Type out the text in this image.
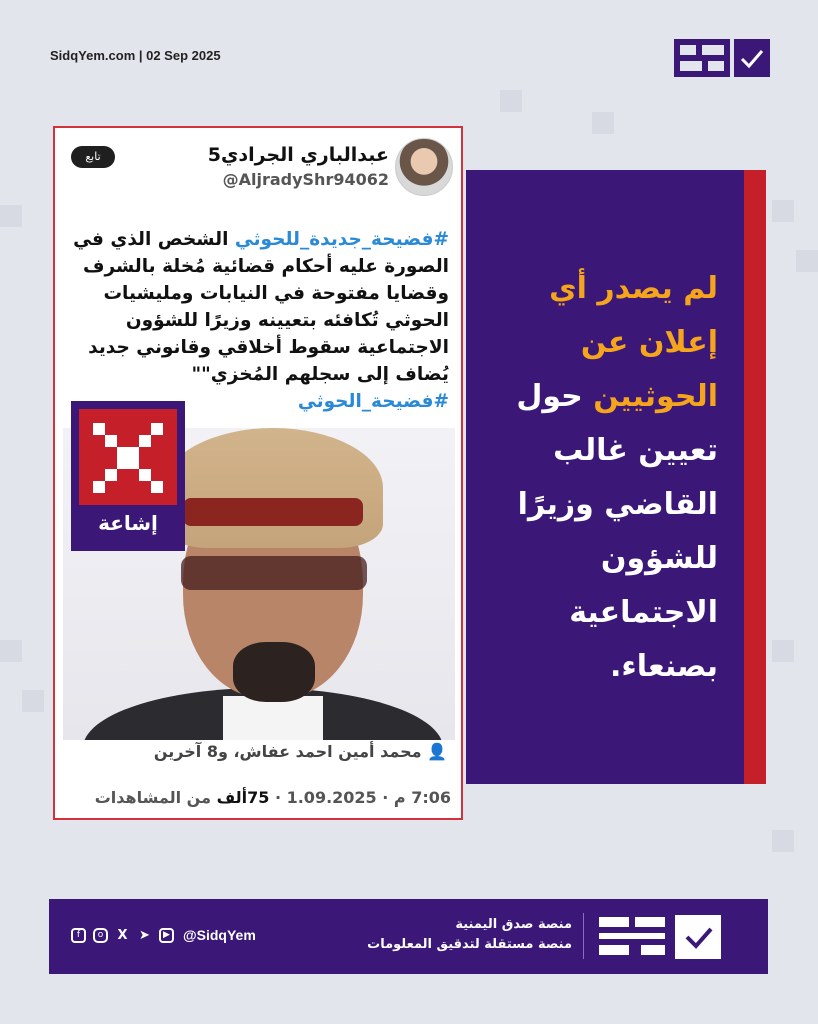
SidqYem.com | 02 Sep 2025
تابع	عبدالباري الجرادي5
@AljradyShr94062
#فضيحة_جديدة_للحوثي الشخص الذي في الصورة عليه أحكام قضائية مُخلة بالشرف وقضايا مفتوحة في النيابات ومليشيات الحوثي تُكافئه بتعيينه وزيرًا للشؤون الاجتماعية سقوط أخلاقي وقانوني جديد يُضاف إلى سجلهم المُخزي"" #فضيحة_الحوثي
👤 محمد أمين احمد عفاش، و8 آخرين
7:06 م · 1.09.2025 · 75ألف من المشاهدات
إشاعة
لم يصدر أي إعلان عن الحوثيين حول تعيين غالب القاضي وزيرًا للشؤون الاجتماعية بصنعاء.
f	o	X ➤	▶ @SidqYem
منصة صدق اليمنية
منصة مستقلة لتدقيق المعلومات
